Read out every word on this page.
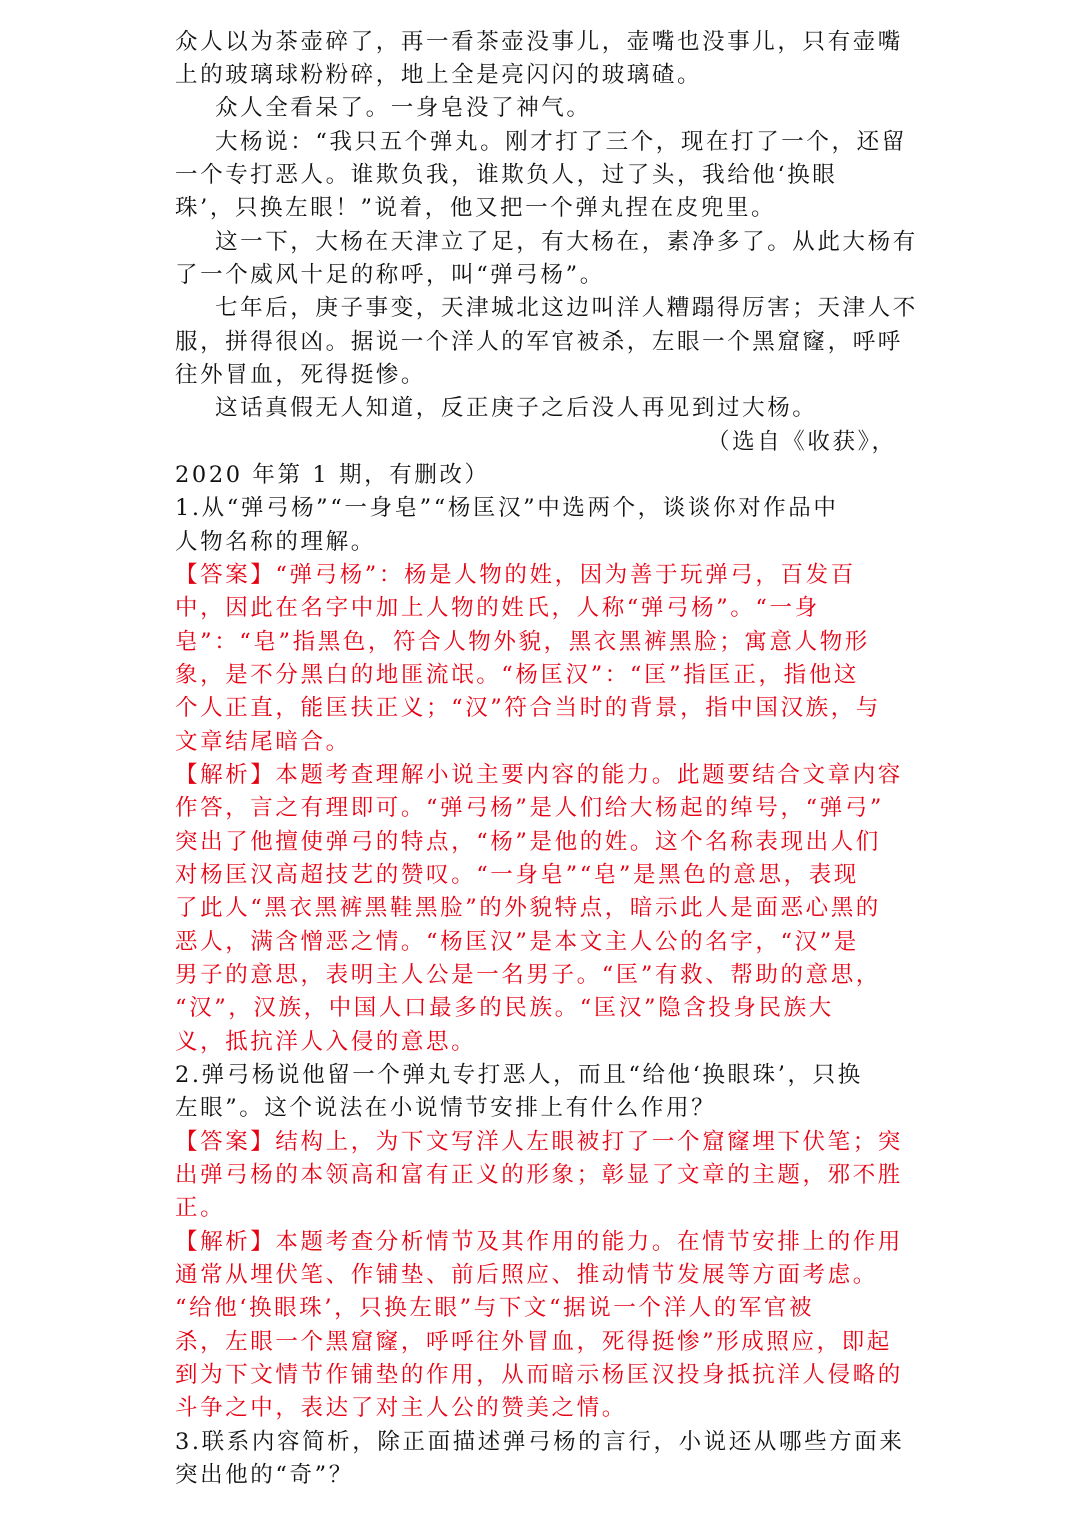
众人以为茶壶碎了，再一看茶壶没事儿，壶嘴也没事儿，只有壶嘴
上的玻璃球粉粉碎，地上全是亮闪闪的玻璃碴。
众人全看呆了。一身皂没了神气。
大杨说：“我只五个弹丸。刚才打了三个，现在打了一个，还留
一个专打恶人。谁欺负我，谁欺负人，过了头，我给他‘换眼
珠’，只换左眼！”说着，他又把一个弹丸捏在皮兜里。
这一下，大杨在天津立了足，有大杨在，素净多了。从此大杨有
了一个威风十足的称呼，叫“弹弓杨”。
七年后，庚子事变，天津城北这边叫洋人糟蹋得厉害；天津人不
服，拼得很凶。据说一个洋人的军官被杀，左眼一个黑窟窿，呼呼
往外冒血，死得挺惨。
这话真假无人知道，反正庚子之后没人再见到过大杨。
（选自《收获》，
2020 年第 1 期，有删改）
1.从“弹弓杨”“一身皂”“杨匡汉”中选两个，谈谈你对作品中
人物名称的理解。
【答案】“弹弓杨”：杨是人物的姓，因为善于玩弹弓，百发百
中，因此在名字中加上人物的姓氏，人称“弹弓杨”。“一身
皂”：“皂”指黑色，符合人物外貌，黑衣黑裤黑脸；寓意人物形
象，是不分黑白的地匪流氓。“杨匡汉”：“匡”指匡正，指他这
个人正直，能匡扶正义；“汉”符合当时的背景，指中国汉族，与
文章结尾暗合。
【解析】本题考查理解小说主要内容的能力。此题要结合文章内容
作答，言之有理即可。“弹弓杨”是人们给大杨起的绰号，“弹弓”
突出了他擅使弹弓的特点，“杨”是他的姓。这个名称表现出人们
对杨匡汉高超技艺的赞叹。“一身皂”“皂”是黑色的意思，表现
了此人“黑衣黑裤黑鞋黑脸”的外貌特点，暗示此人是面恶心黑的
恶人，满含憎恶之情。“杨匡汉”是本文主人公的名字，“汉”是
男子的意思，表明主人公是一名男子。“匡”有救、帮助的意思，
“汉”，汉族，中国人口最多的民族。“匡汉”隐含投身民族大
义，抵抗洋人入侵的意思。
2.弹弓杨说他留一个弹丸专打恶人，而且“给他‘换眼珠’，只换
左眼”。这个说法在小说情节安排上有什么作用？
【答案】结构上，为下文写洋人左眼被打了一个窟窿埋下伏笔；突
出弹弓杨的本领高和富有正义的形象；彰显了文章的主题，邪不胜
正。
【解析】本题考查分析情节及其作用的能力。在情节安排上的作用
通常从埋伏笔、作铺垫、前后照应、推动情节发展等方面考虑。
“给他‘换眼珠’，只换左眼”与下文“据说一个洋人的军官被
杀，左眼一个黑窟窿，呼呼往外冒血，死得挺惨”形成照应，即起
到为下文情节作铺垫的作用，从而暗示杨匡汉投身抵抗洋人侵略的
斗争之中，表达了对主人公的赞美之情。
3.联系内容简析，除正面描述弹弓杨的言行，小说还从哪些方面来
突出他的“奇”？
